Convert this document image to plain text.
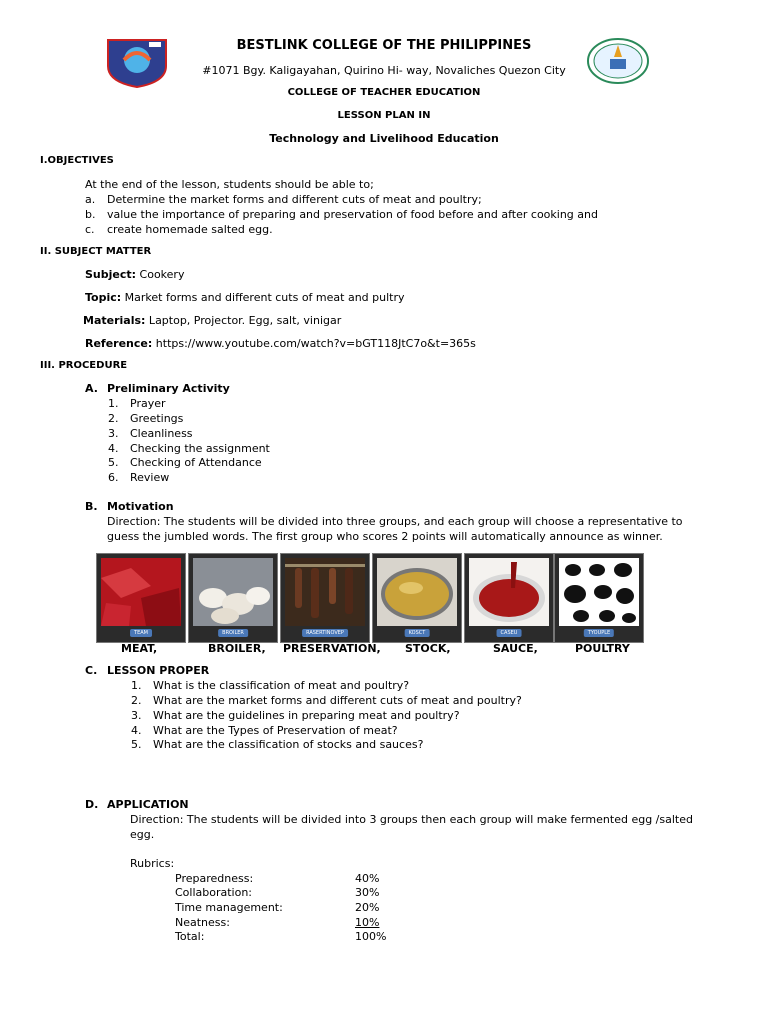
BESTLINK COLLEGE OF THE PHILIPPINES
#1071 Bgy. Kaligayahan, Quirino Hi- way, Novaliches Quezon City
COLLEGE OF TEACHER EDUCATION
LESSON PLAN IN
Technology and Livelihood Education
I.OBJECTIVES
At the end of the lesson, students should be able to;
a. Determine the market forms and different cuts of meat and poultry;
b. value the importance of preparing and preservation of food before and after cooking and
c. create homemade salted egg.
II. SUBJECT MATTER
Subject: Cookery
Topic: Market forms and different cuts of meat and pultry
Materials: Laptop, Projector. Egg, salt, vinigar
Reference: https://www.youtube.com/watch?v=bGT118JtC7o&t=365s
III. PROCEDURE
A. Preliminary Activity
1. Prayer
2. Greetings
3. Cleanliness
4. Checking the assignment
5. Checking of Attendance
6. Review
B. Motivation
Direction: The students will be divided into three groups, and each group will choose a representative to
guess the jumbled words. The first group who scores 2 points will automatically announce as winner.
TEAM	BROILER	RASERTINOVEP	KOSCT	CASEU	TYOUPLE
MEAT,	BROILER, PRESERVATION, STOCK,	SAUCE,	POULTRY
C. LESSON PROPER
1. What is the classification of meat and poultry?
2. What are the market forms and different cuts of meat and poultry?
3. What are the guidelines in preparing meat and poultry?
4. What are the Types of Preservation of meat?
5. What are the classification of stocks and sauces?
D. APPLICATION
Direction: The students will be divided into 3 groups then each group will make fermented egg /salted
egg.
Rubrics:
Preparedness:	40%
Collaboration:	30%
Time management:	20%
Neatness:	10%
Total:	100%
